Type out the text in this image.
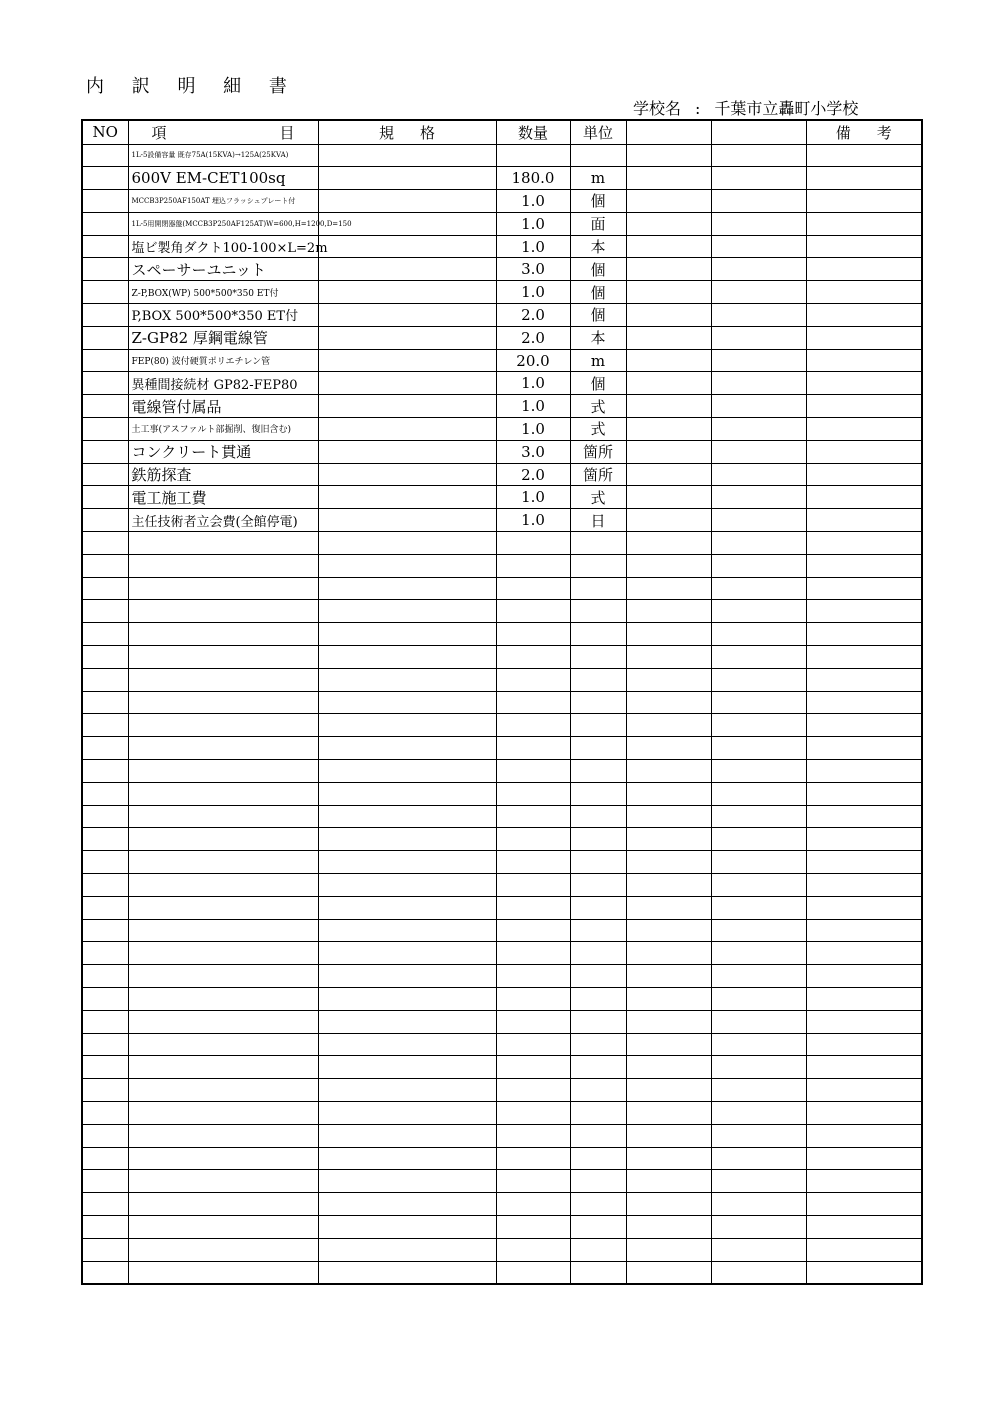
内 訳 明 細 書
学校名 : 千葉市立轟町小学校
NO	項 目	規 格	数量	単位			備 考
	1L-5設備容量 既存75A(15KVA)→125A(25KVA)						
	600V EM-CET100sq		180.0	m			
	MCCB3P250AF150AT 埋込フラッシュプレート付		1.0	個			
	1L-5用開閉器盤(MCCB3P250AF125AT)W=600,H=1200,D=150		1.0	面			
	塩ビ製角ダクト100-100×L=2m		1.0	本			
	スペーサーユニット		3.0	個			
	Z-P,BOX(WP) 500*500*350 ET付		1.0	個			
	P,BOX 500*500*350 ET付		2.0	個			
	Z-GP82 厚鋼電線管		2.0	本			
	FEP(80) 波付硬質ポリエチレン管		20.0	m			
	異種間接続材 GP82-FEP80		1.0	個			
	電線管付属品		1.0	式			
	土工事(アスファルト部掘削、復旧含む)		1.0	式			
	コンクリート貫通		3.0	箇所			
	鉄筋探査		2.0	箇所			
	電工施工費		1.0	式			
	主任技術者立会費(全館停電)		1.0	日			
